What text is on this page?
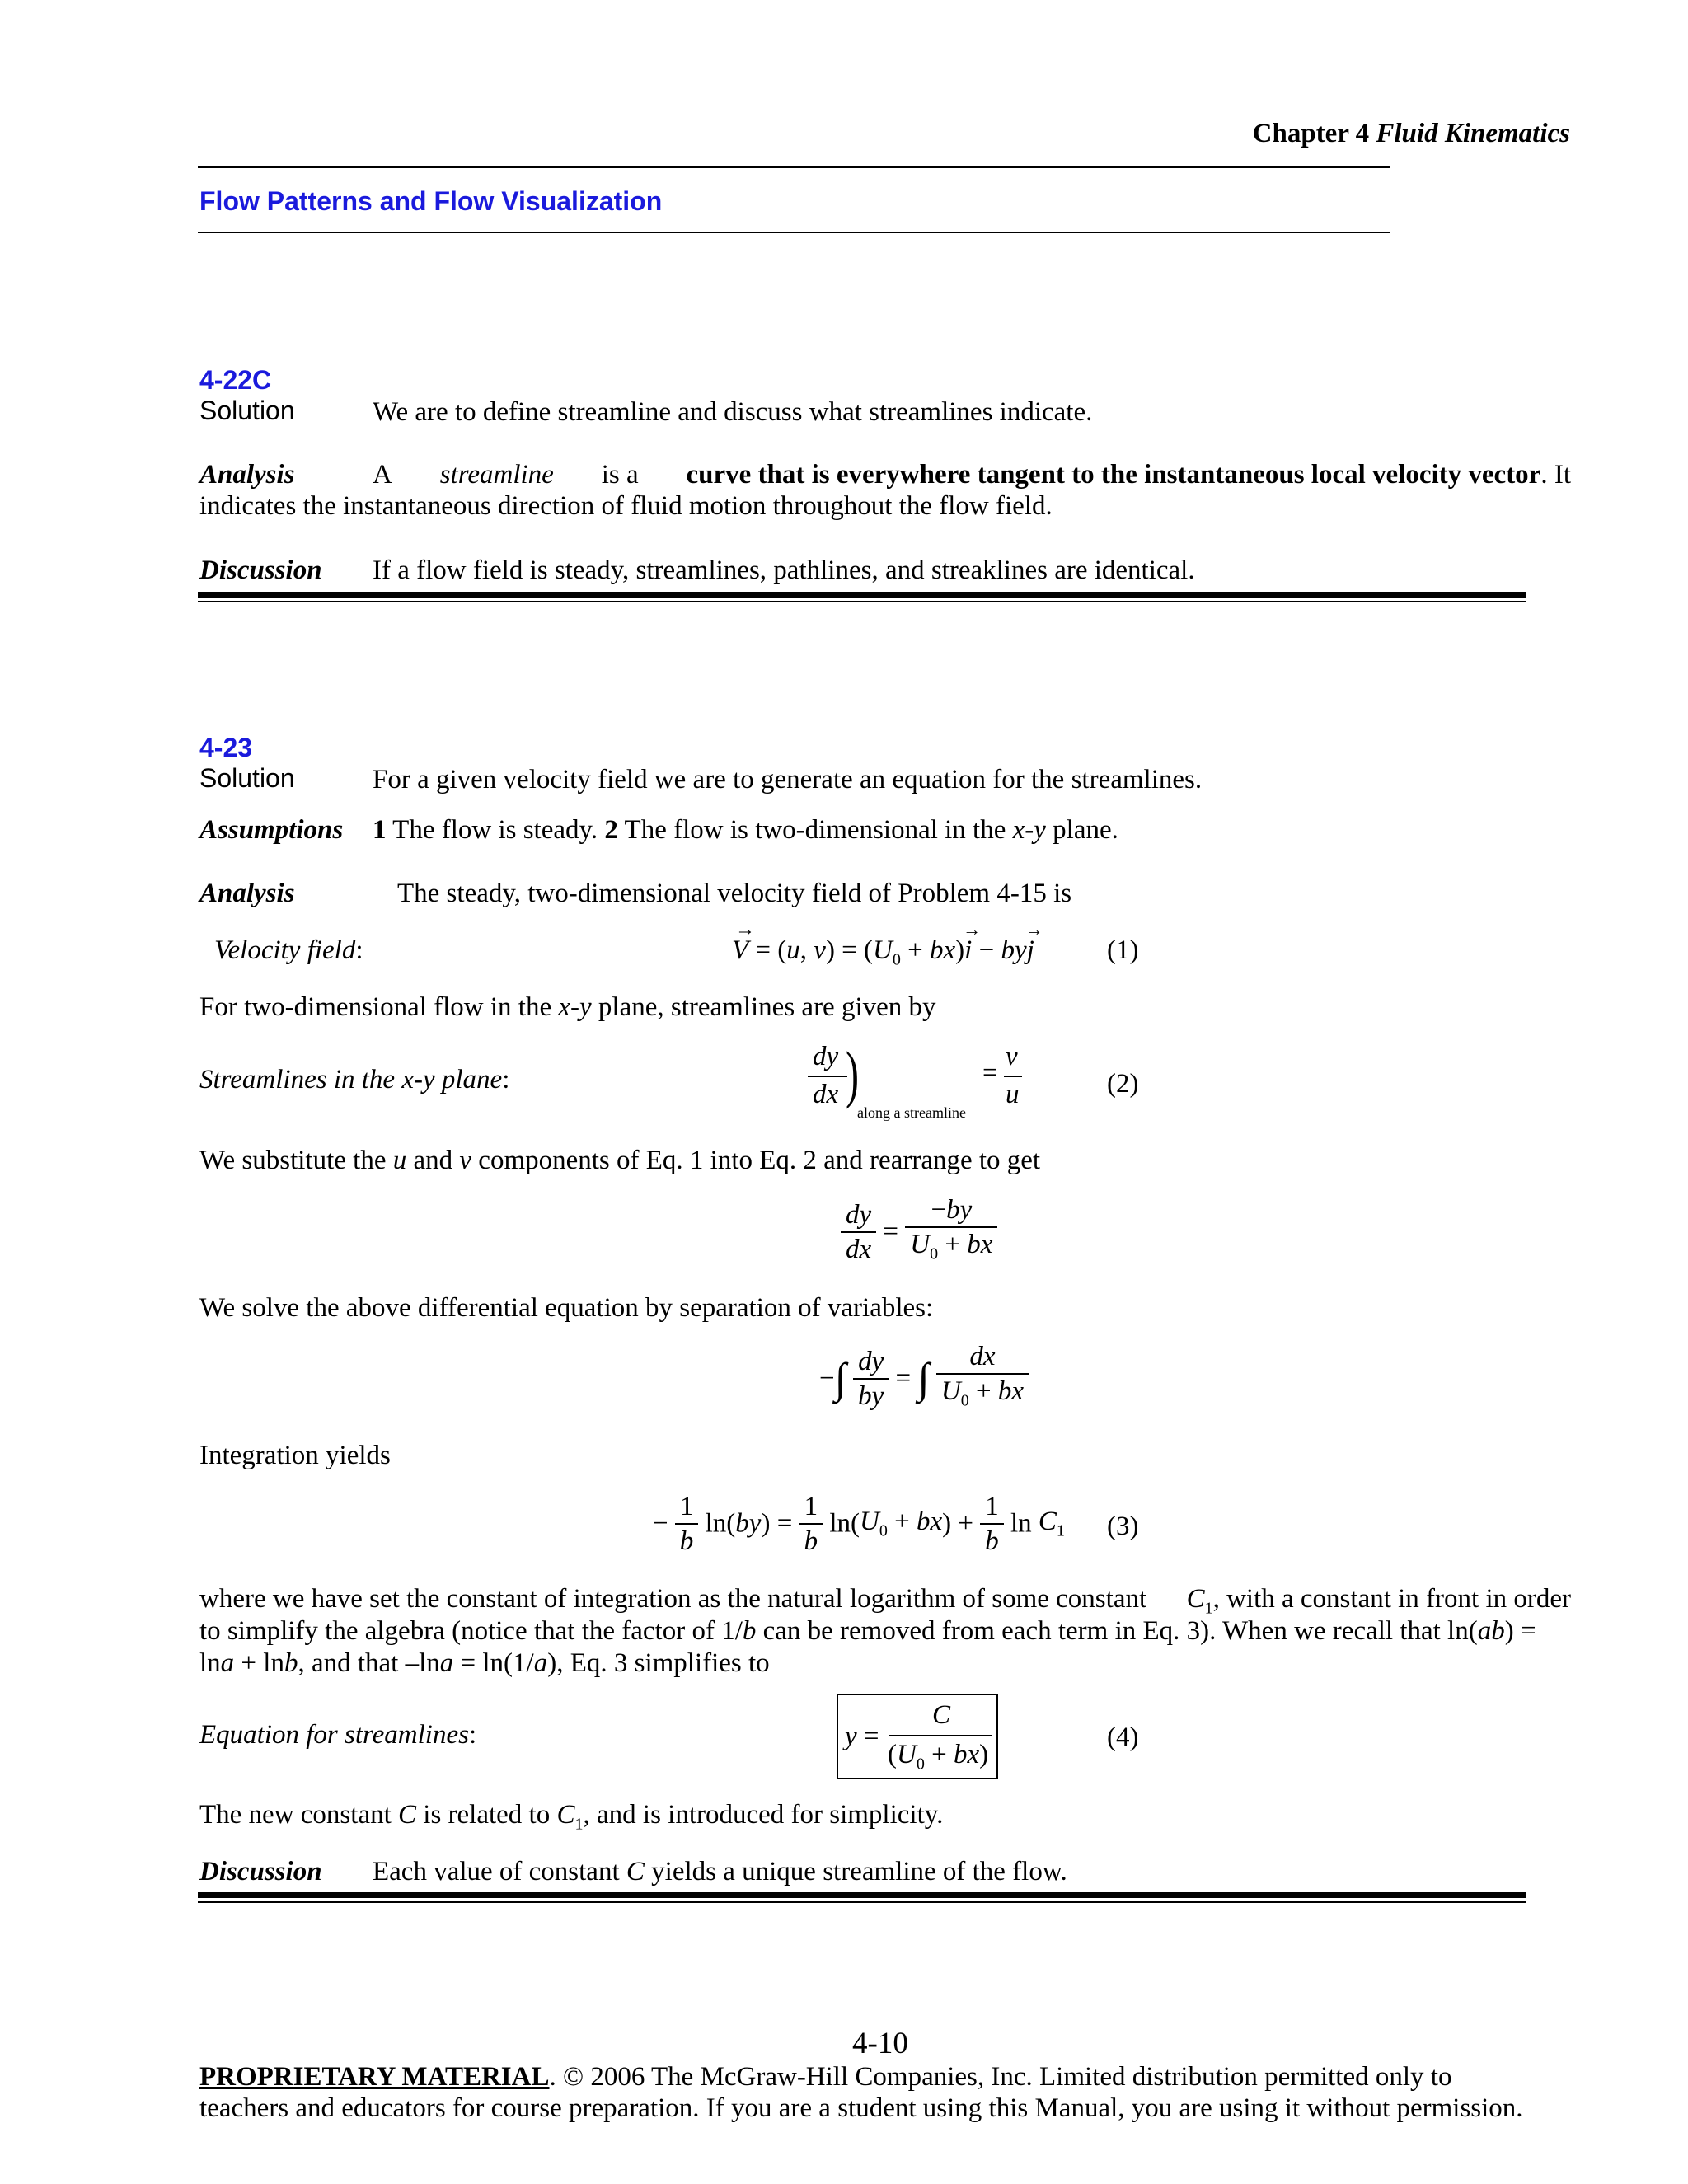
Chapter 4 Fluid Kinematics
Flow Patterns and Flow Visualization
4-22C
Solution	We are to define streamline and discuss what streamlines indicate.
Analysis	A streamline is a curve that is everywhere tangent to the instantaneous local velocity vector. It
indicates the instantaneous direction of fluid motion throughout the flow field.
Discussion If a flow field is steady, streamlines, pathlines, and streaklines are identical.
4-23
Solution	For a given velocity field we are to generate an equation for the streamlines.
Assumptions 1 The flow is steady. 2 The flow is two-dimensional in the x-y plane.
Analysis	The steady, two-dimensional velocity field of Problem 4-15 is
Velocity field:	V
→
= (u, $v) = (U_0 + bx)i$
→
− byj
→
(1)
For two-dimensional flow in the x-y plane, streamlines are given by
Streamlines in the x-y plane:
dy
dx )
along a streamline
=
v
u	(2)
We substitute the u and v components of Eq. 1 into Eq. 2 and rearrange to get
$\frac{dy}{dx} = \frac{-by}{U_0 + bx}$
We solve the above differential equation by separation of variables:
−∫ $\frac{dy}{by}$ = ∫ $\frac{dx}{U_0 + bx}$
Integration yields
− $\frac{1}{b} \ln(by) = \frac{1}{b} \ln(U_0 + bx) + \frac{1}{b}$ $\ln C_1$ (3)
where we have set the constant of integration as the natural logarithm of some constant $C_1$, with a constant in front in order
to simplify the algebra (notice that the factor of 1/b can be removed from each term in Eq. 3). When we recall that ln(ab) =
lna + lnb, and that –lna = ln(1/a), Eq. 3 simplifies to
Equation for streamlines:	y =
C
$(U_0 + bx)$
(4)
The new constant C is related to $C_1$, and is introduced for simplicity.
Discussion Each value of constant C yields a unique streamline of the flow.
4-10
PROPRIETARY MATERIAL. © 2006 The McGraw-Hill Companies, Inc. Limited distribution permitted only to
teachers and educators for course preparation. If you are a student using this Manual, you are using it without permission.
